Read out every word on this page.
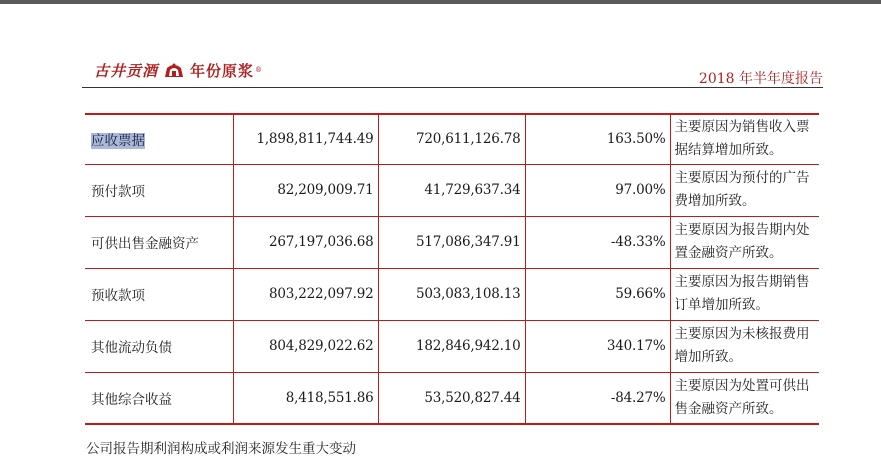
古井贡酒 年份原浆 ®
2018 年半年度报告
应收票据	1,898,811,744.49	720,611,126.78	163.50%	主要原因为销售收入票据结算增加所致。
预付款项	82,209,009.71	41,729,637.34	97.00%	主要原因为预付的广告费增加所致。
可供出售金融资产	267,197,036.68	517,086,347.91	-48.33%	主要原因为报告期内处置金融资产所致。
预收款项	803,222,097.92	503,083,108.13	59.66%	主要原因为报告期销售订单增加所致。
其他流动负债	804,829,022.62	182,846,942.10	340.17%	主要原因为未核报费用增加所致。
其他综合收益	8,418,551.86	53,520,827.44	-84.27%	主要原因为处置可供出售金融资产所致。
公司报告期利润构成或利润来源发生重大变动
